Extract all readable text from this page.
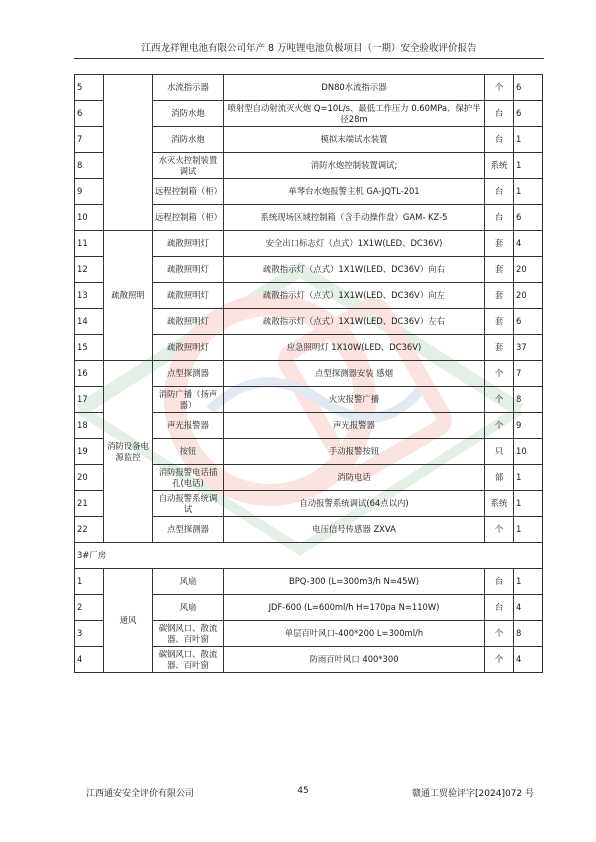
江西龙祥锂电池有限公司年产 8 万吨锂电池负极项目（一期）安全验收评价报告
5		水流指示器	DN80水流指示器	个	6
6		消防水炮	喷射型自动射流灭火炮 Q=10L/s、最低工作压力 0.60MPa、保护半径28m	台	6
7		消防水炮	模拟末端试水装置	台	1
8		水灭火控制装置调试	消防水炮控制装置调试;	系统	1
9		远程控制箱（柜）	单琴台水炮报警主机 GA-JQTL-201	台	1
10		远程控制箱（柜）	系统现场区域控制箱（含手动操作盘）GAM- KZ-5	台	6
11	疏散照明	疏散照明灯	安全出口标志灯（点式）1X1W(LED、DC36V)	套	4
12		疏散照明灯	疏散指示灯（点式）1X1W(LED、DC36V）向右	套	20
13		疏散照明灯	疏散指示灯（点式）1X1W(LED、DC36V）向左	套	20
14		疏散照明灯	疏散指示灯（点式）1X1W(LED、DC36V）左右	套	6
15		疏散照明灯	应急照明灯 1X10W(LED、DC36V)	套	37
16	消防设备电源监控	点型探测器	点型探测器安装 感烟	个	7
17		消防广播（扬声器）	火灾报警广播	个	8
18		声光报警器	声光报警器	个	9
19		按钮	手动报警按钮	只	10
20		消防报警电话插孔(电话)	消防电话	部	1
21		自动报警系统调试	自动报警系统调试(64点以内)	系统	1
22		点型探测器	电压信号传感器 ZXVA	个	1
3#厂房					
1	通风	风扇	BPQ-300 (L=300m3/h N=45W)	台	1
2		风扇	JDF-600 (L=600ml/h H=170pa N=110W)	台	4
3		碳钢风口、散流器、百叶窗	单层百叶风口-400*200 L=300ml/h	个	8
4		碳钢风口、散流器、百叶窗	防雨百叶风口 400*300	个	4
江西通安安全评价有限公司	45	赣通工贸验评字[2024]072 号
